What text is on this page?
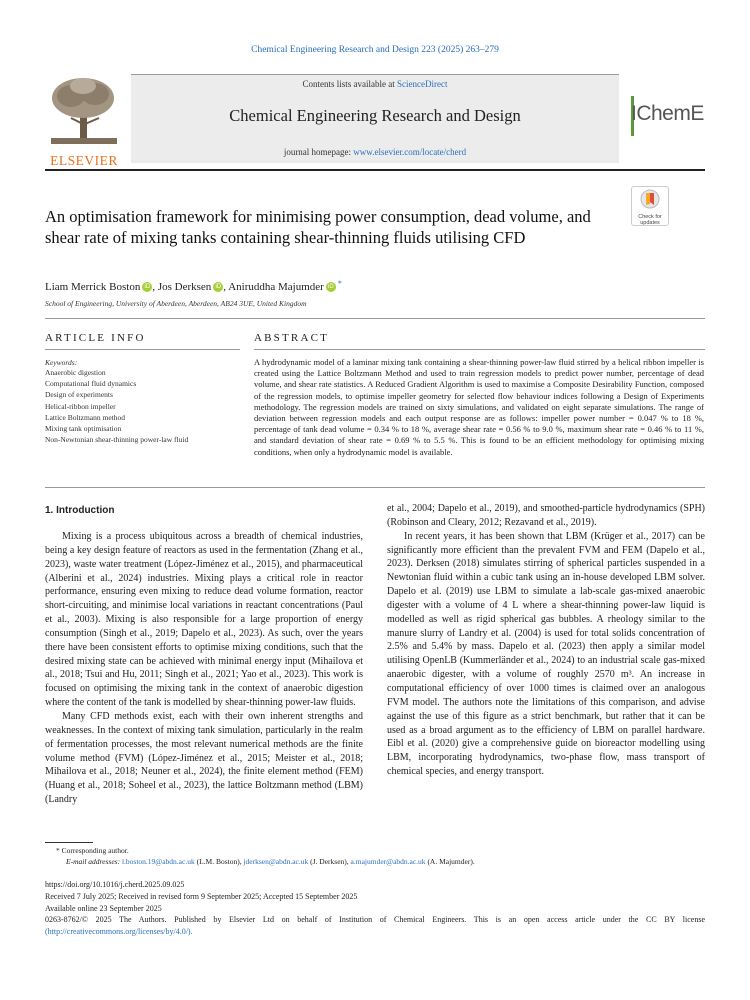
Chemical Engineering Research and Design 223 (2025) 263–279
ELSEVIER
Contents lists available at ScienceDirect
Chemical Engineering Research and Design
journal homepage: www.elsevier.com/locate/cherd
IChemE
Check for
updates
An optimisation framework for minimising power consumption, dead volume, and shear rate of mixing tanks containing shear-thinning fluids utilising CFD
Liam Merrick Boston iD , Jos Derksen iD , Aniruddha Majumder iD *
School of Engineering, University of Aberdeen, Aberdeen, AB24 3UE, United Kingdom
ARTICLE INFO
Keywords:
Anaerobic digestion
Computational fluid dynamics
Design of experiments
Helical-ribbon impeller
Lattice Boltzmann method
Mixing tank optimisation
Non-Newtonian shear-thinning power-law fluid
ABSTRACT
A hydrodynamic model of a laminar mixing tank containing a shear-thinning power-law fluid stirred by a helical ribbon impeller is created using the Lattice Boltzmann Method and used to train regression models to predict power number, percentage of dead volume, and shear rate statistics. A Reduced Gradient Algorithm is used to maximise a Composite Desirability Function, composed of the regression models, to optimise impeller geometry for selected flow behaviour indices following a Design of Experiments methodology. The regression models are trained on sixty simulations, and validated on eight separate simulations. The range of deviation between regression models and each output response are as follows: impeller power number = 0.047 % to 18 %, percentage of tank dead volume = 0.34 % to 18 %, average shear rate = 0.56 % to 9.0 %, maximum shear rate = 0.46 % to 11 %, and standard deviation of shear rate = 0.69 % to 5.5 %. This is found to be an efficient methodology for optimising mixing conditions, when only a hydrodynamic model is available.
1. Introduction

Mixing is a process ubiquitous across a breadth of chemical industries, being a key design feature of reactors as used in the fermentation (Zhang et al., 2023), waste water treatment (López-Jiménez et al., 2015), and pharmaceutical (Alberini et al., 2024) industries. Mixing plays a critical role in reactor performance, ensuring even mixing to reduce dead volume formation, reactor short-circuiting, and minimise local variations in reactant concentrations (Paul et al., 2003). Mixing is also responsible for a large proportion of energy consumption (Singh et al., 2019; Dapelo et al., 2023). As such, over the years there have been consistent efforts to optimise mixing conditions, such that the desired mixing state can be achieved with minimal energy input (Mihailova et al., 2018; Tsui and Hu, 2011; Singh et al., 2021; Yao et al., 2023). This work is focused on optimising the mixing tank in the context of anaerobic digestion where the content of the tank is modelled by shear-thinning power-law fluids.

Many CFD methods exist, each with their own inherent strengths and weaknesses. In the context of mixing tank simulation, particularly in the realm of fermentation processes, the most relevant numerical methods are the finite volume method (FVM) (López-Jiménez et al., 2015; Meister et al., 2018; Mihailova et al., 2018; Neuner et al., 2024), the finite element method (FEM) (Huang et al., 2018; Soheel et al., 2023), the lattice Boltzmann method (LBM) (Landry

et al., 2004; Dapelo et al., 2019), and smoothed-particle hydrodynamics (SPH) (Robinson and Cleary, 2012; Rezavand et al., 2019).

In recent years, it has been shown that LBM (Krüger et al., 2017) can be significantly more efficient than the prevalent FVM and FEM (Dapelo et al., 2023). Derksen (2018) simulates stirring of spherical particles suspended in a Newtonian fluid within a cubic tank using an in-house developed LBM solver. Dapelo et al. (2019) use LBM to simulate a lab-scale gas-mixed anaerobic digester with a volume of 4 L where a shear-thinning power-law liquid is modelled as well as rigid spherical gas bubbles. A rheology similar to the manure slurry of Landry et al. (2004) is used for total solids concentration of 2.5% and 5.4% by mass. Dapelo et al. (2023) then apply a similar model utilising OpenLB (Kummerländer et al., 2024) to an industrial scale gas-mixed anaerobic digester, with a volume of roughly 2570 m³. An increase in computational efficiency of over 1000 times is claimed over an analogous FVM model. The authors note the limitations of this comparison, and advise against the use of this figure as a strict benchmark, but rather that it can be used as a broad argument as to the efficiency of LBM on parallel hardware. Eibl et al. (2020) give a comprehensive guide on bioreactor modelling using LBM, incorporating hydrodynamics, two-phase flow, mass transport of chemical species, and energy transport.

* Corresponding author.
E-mail addresses: l.boston.19@abdn.ac.uk (L.M. Boston), jderksen@abdn.ac.uk (J. Derksen), a.majumder@abdn.ac.uk (A. Majumder).
https://doi.org/10.1016/j.cherd.2025.09.025
Received 7 July 2025; Received in revised form 9 September 2025; Accepted 15 September 2025
Available online 23 September 2025
0263-8762/© 2025 The Authors. Published by Elsevier Ltd on behalf of Institution of Chemical Engineers. This is an open access article under the CC BY license (http://creativecommons.org/licenses/by/4.0/).
